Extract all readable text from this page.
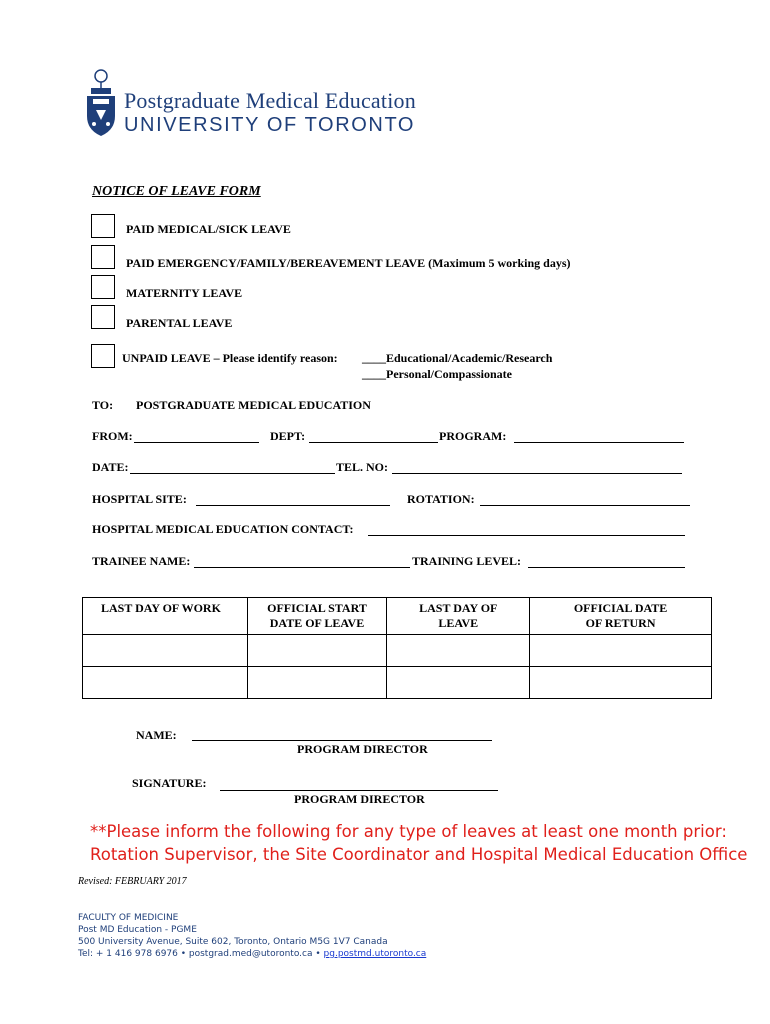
Postgraduate Medical Education
UNIVERSITY OF TORONTO
NOTICE OF LEAVE FORM
PAID MEDICAL/SICK LEAVE
PAID EMERGENCY/FAMILY/BEREAVEMENT LEAVE (Maximum 5 working days)
MATERNITY LEAVE
PARENTAL LEAVE
UNPAID LEAVE – Please identify reason: ____Educational/Academic/Research
____Personal/Compassionate
TO: POSTGRADUATE MEDICAL EDUCATION
FROM:	DEPT:	PROGRAM:
DATE:	TEL. NO:
HOSPITAL SITE:	ROTATION:
HOSPITAL MEDICAL EDUCATION CONTACT:
TRAINEE NAME:	TRAINING LEVEL:
LAST DAY OF WORK	OFFICIAL START DATE OF LEAVE	LAST DAY OF LEAVE	OFFICIAL DATE OF RETURN

NAME:
PROGRAM DIRECTOR
SIGNATURE:
PROGRAM DIRECTOR
**Please inform the following for any type of leaves at least one month prior:
Rotation Supervisor, the Site Coordinator and Hospital Medical Education Office
Revised: FEBRUARY 2017
FACULTY OF MEDICINE
Post MD Education - PGME
500 University Avenue, Suite 602, Toronto, Ontario M5G 1V7 Canada
Tel: + 1 416 978 6976 • postgrad.med@utoronto.ca • pg.postmd.utoronto.ca
